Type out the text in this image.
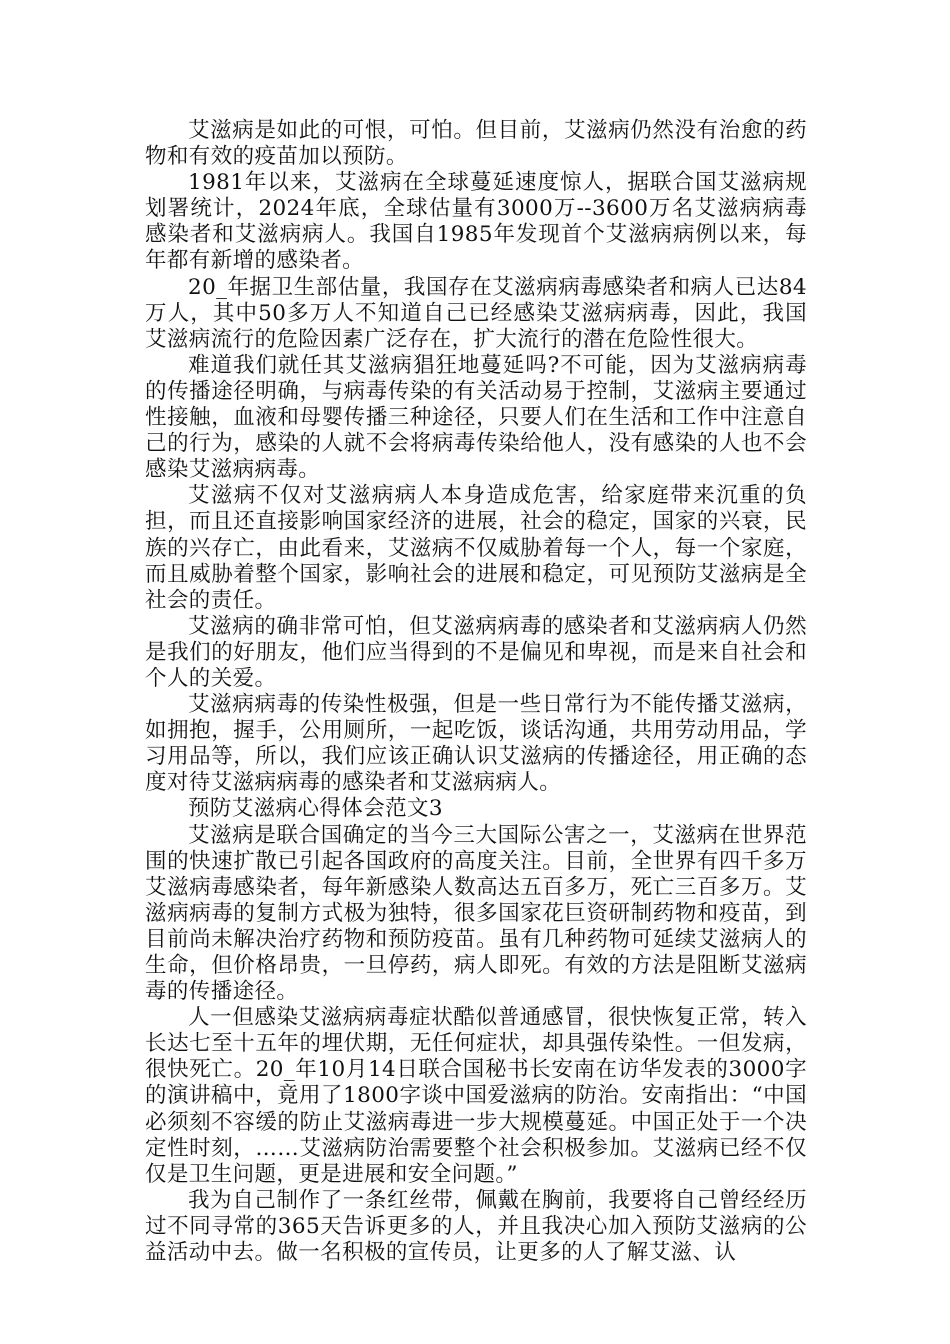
艾滋病是如此的可恨，可怕。但目前，艾滋病仍然没有治愈的药物和有效的疫苗加以预防。

1981年以来，艾滋病在全球蔓延速度惊人，据联合国艾滋病规划署统计，2024年底，全球估量有3000万--3600万名艾滋病病毒感染者和艾滋病病人。我国自1985年发现首个艾滋病病例以来，每年都有新增的感染者。

20_年据卫生部估量，我国存在艾滋病病毒感染者和病人已达84万人，其中50多万人不知道自己已经感染艾滋病病毒，因此，我国艾滋病流行的危险因素广泛存在，扩大流行的潜在危险性很大。

难道我们就任其艾滋病猖狂地蔓延吗?不可能，因为艾滋病病毒的传播途径明确，与病毒传染的有关活动易于控制，艾滋病主要通过性接触，血液和母婴传播三种途径，只要人们在生活和工作中注意自己的行为，感染的人就不会将病毒传染给他人，没有感染的人也不会感染艾滋病病毒。

艾滋病不仅对艾滋病病人本身造成危害，给家庭带来沉重的负担，而且还直接影响国家经济的进展，社会的稳定，国家的兴衰，民族的兴存亡，由此看来，艾滋病不仅威胁着每一个人，每一个家庭，而且威胁着整个国家，影响社会的进展和稳定，可见预防艾滋病是全社会的责任。

艾滋病的确非常可怕，但艾滋病病毒的感染者和艾滋病病人仍然是我们的好朋友，他们应当得到的不是偏见和卑视，而是来自社会和个人的关爱。

艾滋病病毒的传染性极强，但是一些日常行为不能传播艾滋病，如拥抱，握手，公用厕所，一起吃饭，谈话沟通，共用劳动用品，学习用品等，所以，我们应该正确认识艾滋病的传播途径，用正确的态度对待艾滋病病毒的感染者和艾滋病病人。

预防艾滋病心得体会范文3

艾滋病是联合国确定的当今三大国际公害之一，艾滋病在世界范围的快速扩散已引起各国政府的高度关注。目前，全世界有四千多万艾滋病毒感染者，每年新感染人数高达五百多万，死亡三百多万。艾滋病病毒的复制方式极为独特，很多国家花巨资研制药物和疫苗，到目前尚未解决治疗药物和预防疫苗。虽有几种药物可延续艾滋病人的生命，但价格昂贵，一旦停药，病人即死。有效的方法是阻断艾滋病毒的传播途径。

人一但感染艾滋病病毒症状酷似普通感冒，很快恢复正常，转入长达七至十五年的埋伏期，无任何症状，却具强传染性。一但发病，很快死亡。20_年10月14日联合国秘书长安南在访华发表的3000字的演讲稿中，竟用了1800字谈中国爱滋病的防治。安南指出：“中国必须刻不容缓的防止艾滋病毒进一步大规模蔓延。中国正处于一个决定性时刻，……艾滋病防治需要整个社会积极参加。艾滋病已经不仅仅是卫生问题，更是进展和安全问题。”

我为自己制作了一条红丝带，佩戴在胸前，我要将自己曾经经历过不同寻常的365天告诉更多的人，并且我决心加入预防艾滋病的公益活动中去。做一名积极的宣传员，让更多的人了解艾滋、认
